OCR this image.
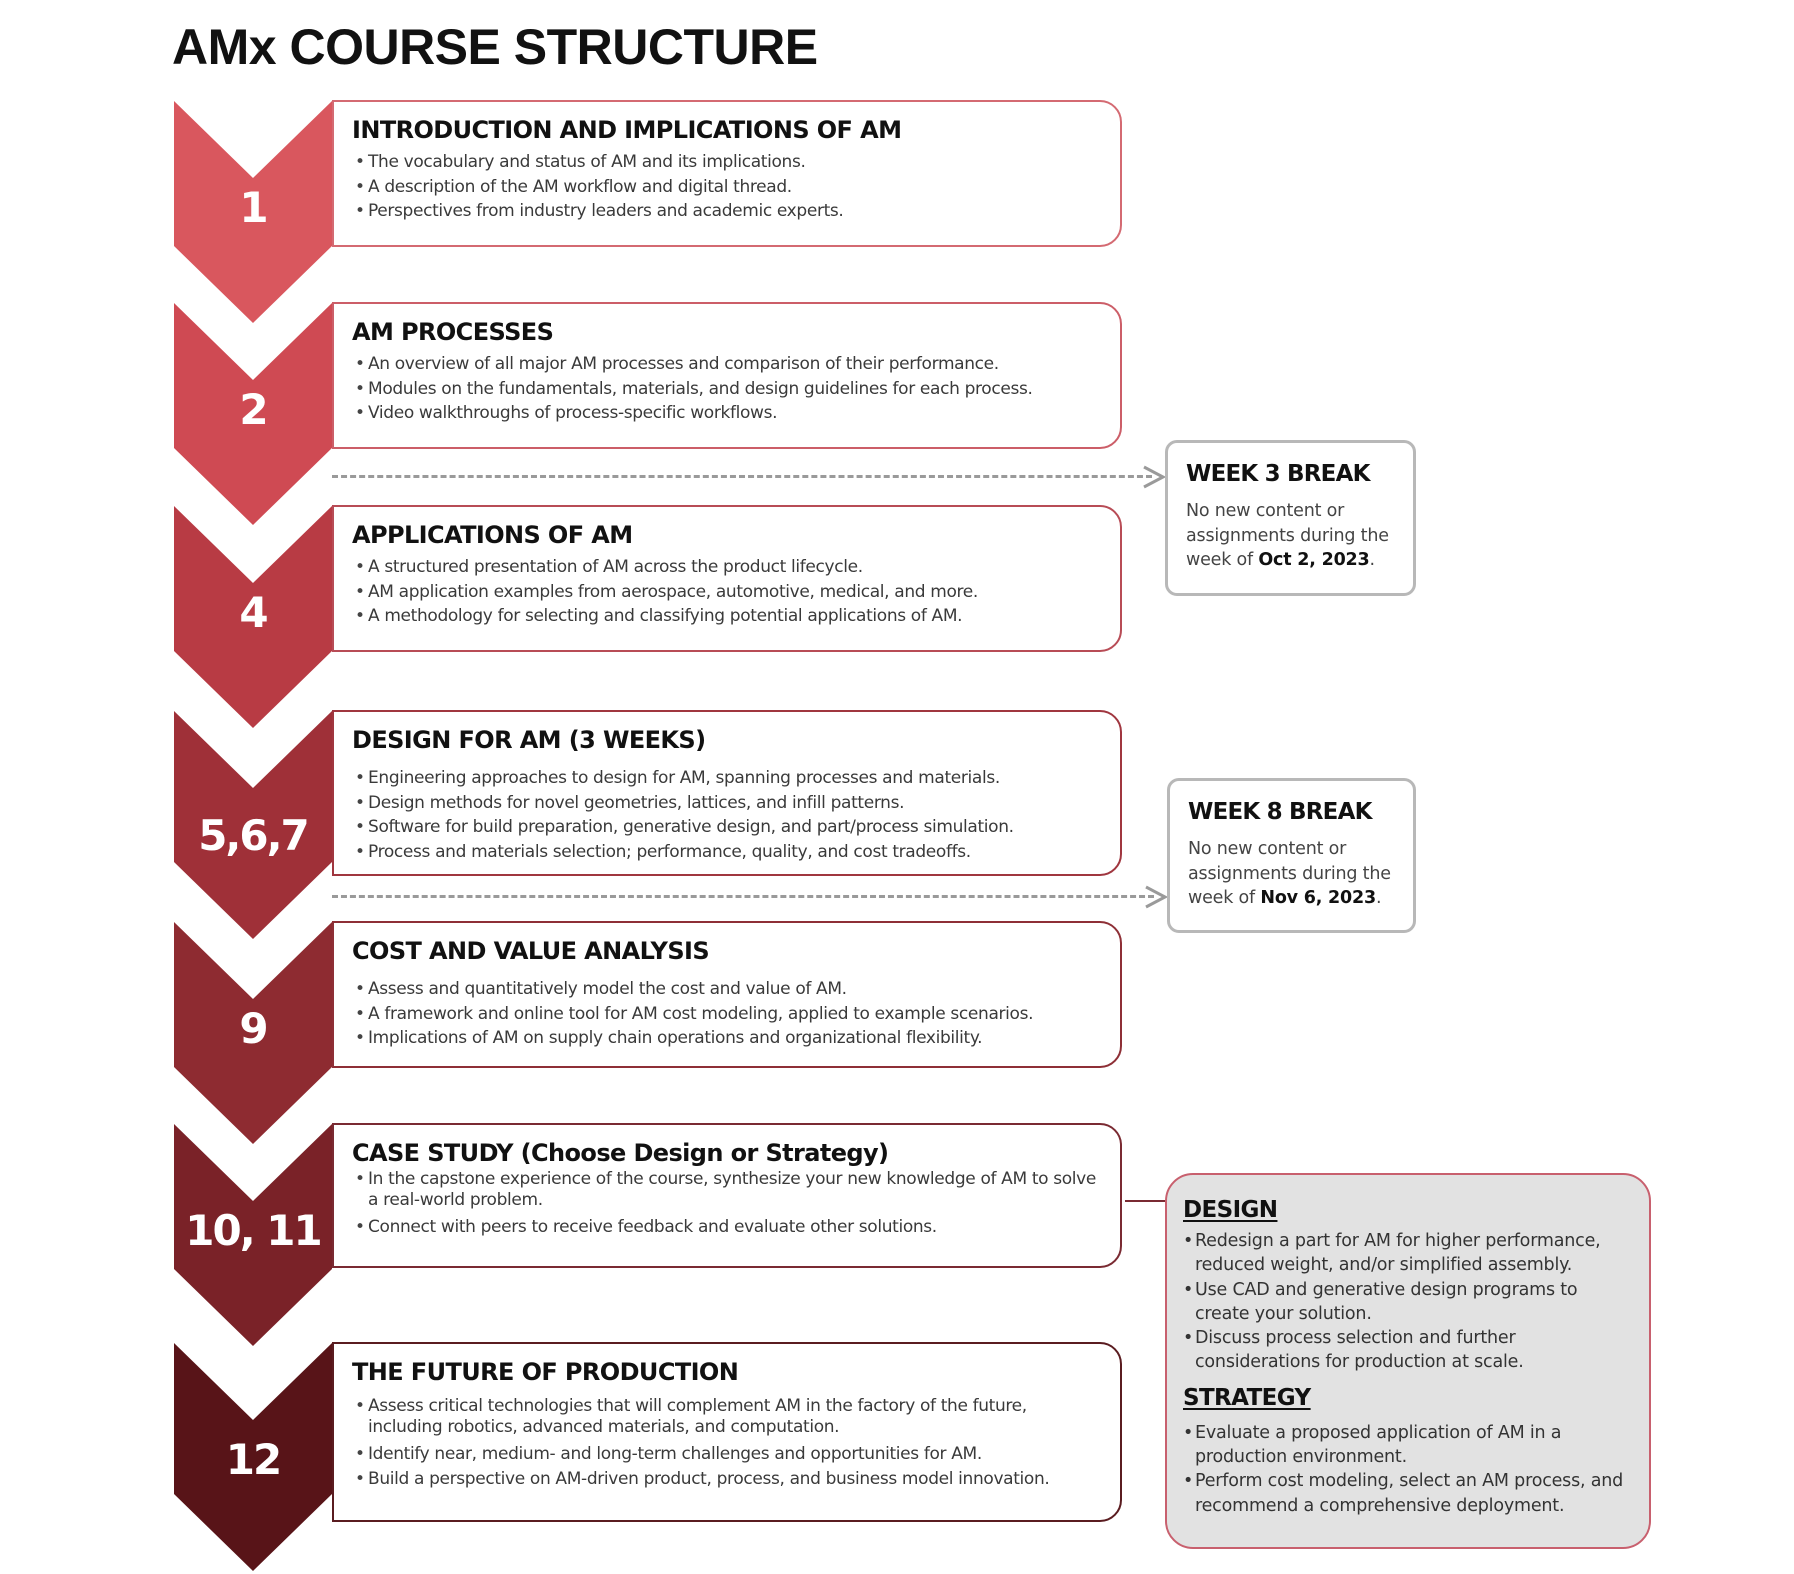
AMx COURSE STRUCTURE
1
INTRODUCTION AND IMPLICATIONS OF AM
• The vocabulary and status of AM and its implications.
• A description of the AM workflow and digital thread.
• Perspectives from industry leaders and academic experts.
2
AM PROCESSES
• An overview of all major AM processes and comparison of their performance.
• Modules on the fundamentals, materials, and design guidelines for each process.
• Video walkthroughs of process-specific workflows.
WEEK 3 BREAK

No new content or assignments during the week of Oct 2, 2023.

4
APPLICATIONS OF AM
• A structured presentation of AM across the product lifecycle.
• AM application examples from aerospace, automotive, medical, and more.
• A methodology for selecting and classifying potential applications of AM.
5,6,7
DESIGN FOR AM (3 WEEKS)
• Engineering approaches to design for AM, spanning processes and materials.
• Design methods for novel geometries, lattices, and infill patterns.
• Software for build preparation, generative design, and part/process simulation.
• Process and materials selection; performance, quality, and cost tradeoffs.
WEEK 8 BREAK

No new content or assignments during the week of Nov 6, 2023.

9
COST AND VALUE ANALYSIS
• Assess and quantitatively model the cost and value of AM.
• A framework and online tool for AM cost modeling, applied to example scenarios.
• Implications of AM on supply chain operations and organizational flexibility.
10, 11
CASE STUDY (Choose Design or Strategy)
• In the capstone experience of the course, synthesize your new knowledge of AM to solve a real-world problem.
• Connect with peers to receive feedback and evaluate other solutions.
12
THE FUTURE OF PRODUCTION
• Assess critical technologies that will complement AM in the factory of the future, including robotics, advanced materials, and computation.
• Identify near, medium- and long-term challenges and opportunities for AM.
• Build a perspective on AM-driven product, process, and business model innovation.
DESIGN
• Redesign a part for AM for higher performance, reduced weight, and/or simplified assembly.
• Use CAD and generative design programs to create your solution.
• Discuss process selection and further considerations for production at scale.
STRATEGY
• Evaluate a proposed application of AM in a production environment.
• Perform cost modeling, select an AM process, and recommend a comprehensive deployment.
